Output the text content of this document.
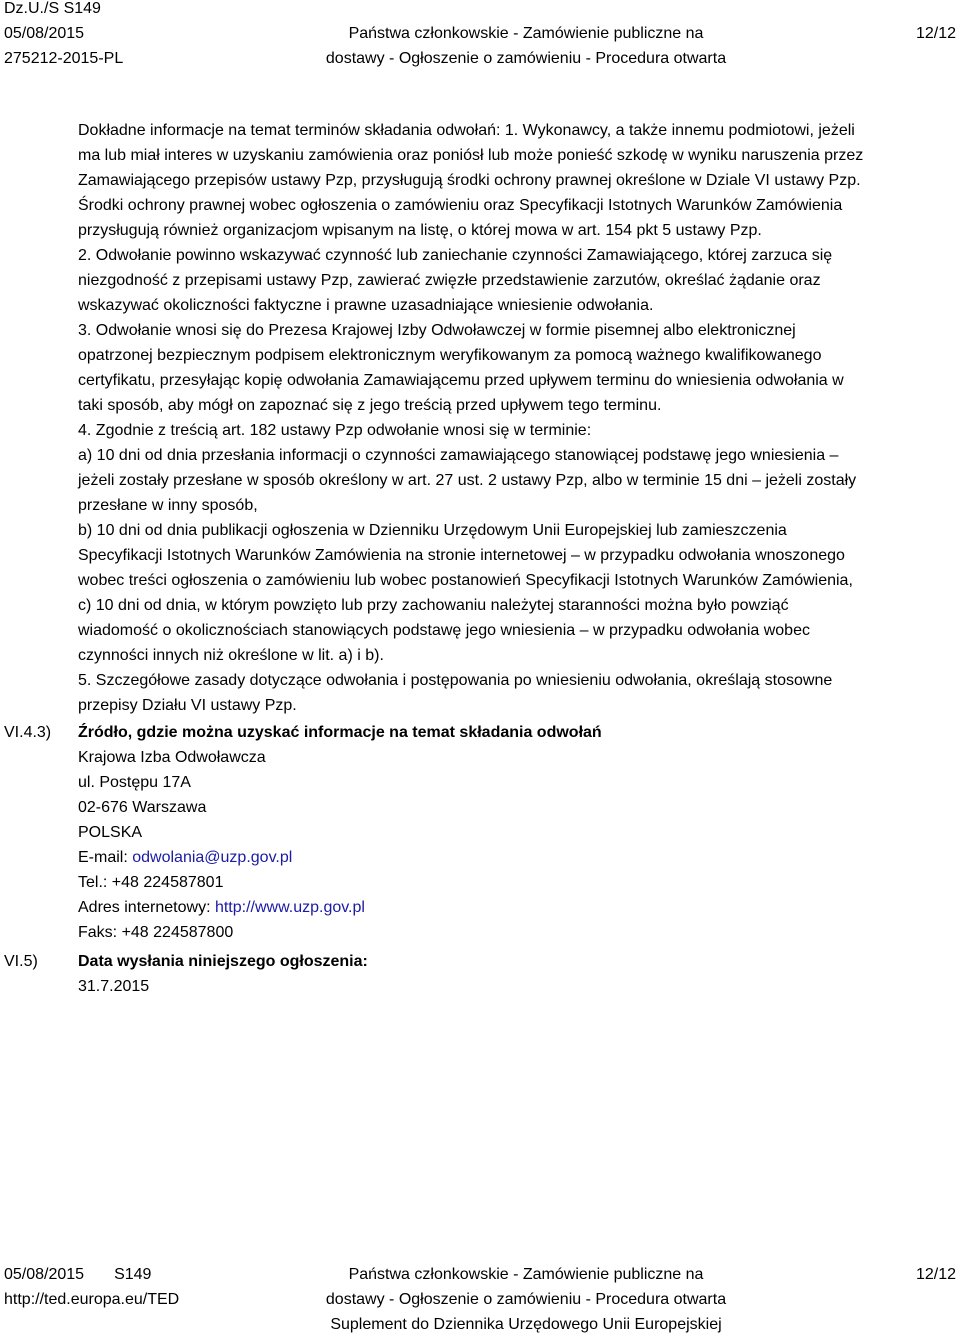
Dz.U./S S149
05/08/2015
275212-2015-PL
Państwa członkowskie - Zamówienie publiczne na
dostawy - Ogłoszenie o zamówieniu - Procedura otwarta
12/12
Dokładne informacje na temat terminów składania odwołań: 1. Wykonawcy, a także innemu podmiotowi, jeżeli
ma lub miał interes w uzyskaniu zamówienia oraz poniósł lub może ponieść szkodę w wyniku naruszenia przez
Zamawiającego przepisów ustawy Pzp, przysługują środki ochrony prawnej określone w Dziale VI ustawy Pzp.
Środki ochrony prawnej wobec ogłoszenia o zamówieniu oraz Specyfikacji Istotnych Warunków Zamówienia
przysługują również organizacjom wpisanym na listę, o której mowa w art. 154 pkt 5 ustawy Pzp.
2. Odwołanie powinno wskazywać czynność lub zaniechanie czynności Zamawiającego, której zarzuca się
niezgodność z przepisami ustawy Pzp, zawierać zwięzłe przedstawienie zarzutów, określać żądanie oraz
wskazywać okoliczności faktyczne i prawne uzasadniające wniesienie odwołania.
3. Odwołanie wnosi się do Prezesa Krajowej Izby Odwoławczej w formie pisemnej albo elektronicznej
opatrzonej bezpiecznym podpisem elektronicznym weryfikowanym za pomocą ważnego kwalifikowanego
certyfikatu, przesyłając kopię odwołania Zamawiającemu przed upływem terminu do wniesienia odwołania w
taki sposób, aby mógł on zapoznać się z jego treścią przed upływem tego terminu.
4. Zgodnie z treścią art. 182 ustawy Pzp odwołanie wnosi się w terminie:
a) 10 dni od dnia przesłania informacji o czynności zamawiającego stanowiącej podstawę jego wniesienia –
jeżeli zostały przesłane w sposób określony w art. 27 ust. 2 ustawy Pzp, albo w terminie 15 dni – jeżeli zostały
przesłane w inny sposób,
b) 10 dni od dnia publikacji ogłoszenia w Dzienniku Urzędowym Unii Europejskiej lub zamieszczenia
Specyfikacji Istotnych Warunków Zamówienia na stronie internetowej – w przypadku odwołania wnoszonego
wobec treści ogłoszenia o zamówieniu lub wobec postanowień Specyfikacji Istotnych Warunków Zamówienia,
c) 10 dni od dnia, w którym powzięto lub przy zachowaniu należytej staranności można było powziąć
wiadomość o okolicznościach stanowiących podstawę jego wniesienia – w przypadku odwołania wobec
czynności innych niż określone w lit. a) i b).
5. Szczegółowe zasady dotyczące odwołania i postępowania po wniesieniu odwołania, określają stosowne
przepisy Działu VI ustawy Pzp.
VI.4.3) Źródło, gdzie można uzyskać informacje na temat składania odwołań
Krajowa Izba Odwoławcza
ul. Postępu 17A
02-676 Warszawa
POLSKA
E-mail: odwolania@uzp.gov.pl
Tel.: +48 224587801
Adres internetowy: http://www.uzp.gov.pl
Faks: +48 224587800
VI.5)	Data wysłania niniejszego ogłoszenia:
31.7.2015
05/08/2015 S149
http://ted.europa.eu/TED
Państwa członkowskie - Zamówienie publiczne na
dostawy - Ogłoszenie o zamówieniu - Procedura otwarta
Suplement do Dziennika Urzędowego Unii Europejskiej
12/12
